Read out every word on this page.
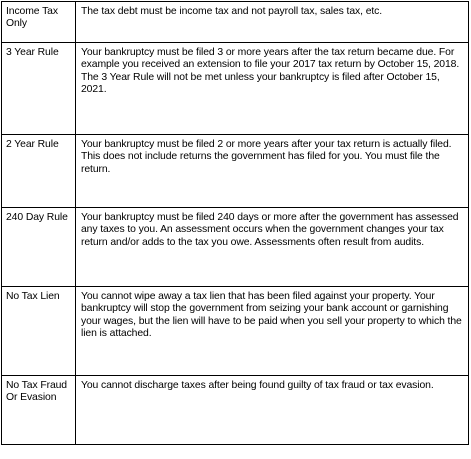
Income Tax Only	The tax debt must be income tax and not payroll tax, sales tax, etc.
3 Year Rule	Your bankruptcy must be filed 3 or more years after the tax return became due. For example you received an extension to file your 2017 tax return by October 15, 2018. The 3 Year Rule will not be met unless your bankruptcy is filed after October 15, 2021.
2 Year Rule	Your bankruptcy must be filed 2 or more years after your tax return is actually filed. This does not include returns the government has filed for you. You must file the return.
240 Day Rule	Your bankruptcy must be filed 240 days or more after the government has assessed any taxes to you. An assessment occurs when the government changes your tax return and/or adds to the tax you owe. Assessments often result from audits.
No Tax Lien	You cannot wipe away a tax lien that has been filed against your property. Your bankruptcy will stop the government from seizing your bank account or garnishing your wages, but the lien will have to be paid when you sell your property to which the lien is attached.
No Tax Fraud Or Evasion	You cannot discharge taxes after being found guilty of tax fraud or tax evasion.
